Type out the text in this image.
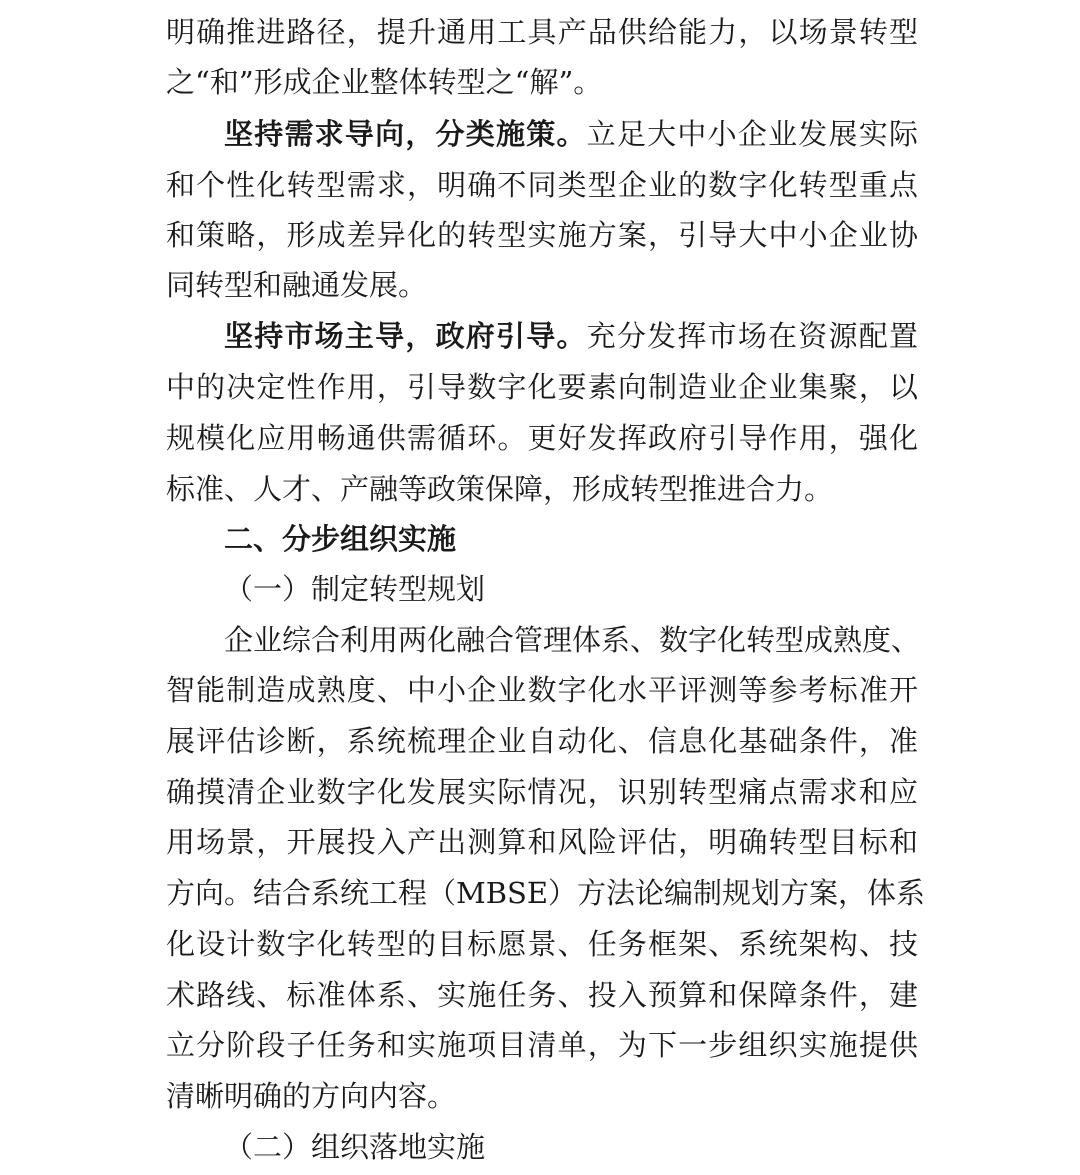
明确推进路径，提升通用工具产品供给能力，以场景转型
之“和”形成企业整体转型之“解”。
坚持需求导向，分类施策。立足大中小企业发展实际
和个性化转型需求，明确不同类型企业的数字化转型重点
和策略，形成差异化的转型实施方案，引导大中小企业协
同转型和融通发展。
坚持市场主导，政府引导。充分发挥市场在资源配置
中的决定性作用，引导数字化要素向制造业企业集聚，以
规模化应用畅通供需循环。更好发挥政府引导作用，强化
标准、人才、产融等政策保障，形成转型推进合力。
二、分步组织实施
（一）制定转型规划
企业综合利用两化融合管理体系、数字化转型成熟度、
智能制造成熟度、中小企业数字化水平评测等参考标准开
展评估诊断，系统梳理企业自动化、信息化基础条件，准
确摸清企业数字化发展实际情况，识别转型痛点需求和应
用场景，开展投入产出测算和风险评估，明确转型目标和
方向。结合系统工程（MBSE）方法论编制规划方案，体系
化设计数字化转型的目标愿景、任务框架、系统架构、技
术路线、标准体系、实施任务、投入预算和保障条件，建
立分阶段子任务和实施项目清单，为下一步组织实施提供
清晰明确的方向内容。
（二）组织落地实施
